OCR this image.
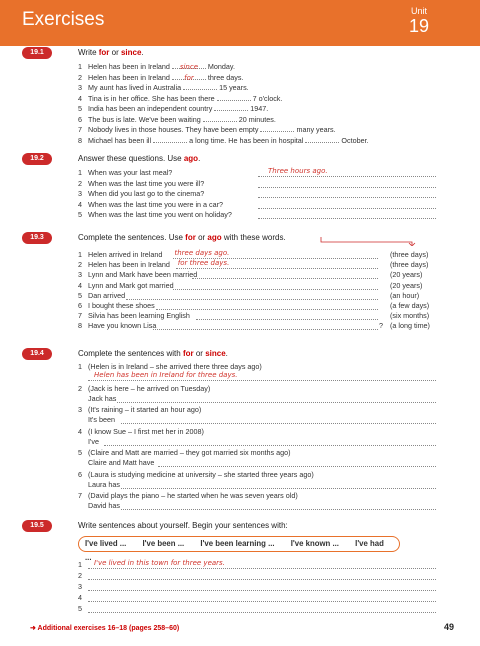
Exercises	Unit
19
19.1	Write for or since.
1 Helen has been in Ireland since Monday.
2 Helen has been in Ireland for three days.
3 My aunt has lived in Australia	15 years.
4 Tina is in her office. She has been there	7 o'clock.
5 India has been an independent country	1947.
6 The bus is late. We've been waiting	20 minutes.
7 Nobody lives in those houses. They have been empty	many years.
8 Michael has been ill	a long time. He has been in hospital	October.
19.2	Answer these questions. Use ago.
1 When was your last meal?	Three hours ago.
2 When was the last time you were ill?
3 When did you last go to the cinema?
4 When was the last time you were in a car?
5 When was the last time you went on holiday?
19.3	Complete the sentences. Use for or ago with these words.
1 Helen arrived in Ireland three days ago.	(three days)
2 Helen has been in Ireland for three days.	(three days)
3 Lynn and Mark have been married	(20 years)
4 Lynn and Mark got married	(20 years)
5 Dan arrived	(an hour)
6 I bought these shoes	(a few days)
7 Silvia has been learning English	(six months)
8 Have you known Lisa	? (a long time)
19.4	Complete the sentences with for or since.
1 (Helen is in Ireland – she arrived there three days ago)
Helen has been in Ireland for three days.
2 (Jack is here – he arrived on Tuesday)
Jack has
3 (It's raining – it started an hour ago)
It's been
4 (I know Sue – I first met her in 2008)
I've
5 (Claire and Matt are married – they got married six months ago)
Claire and Matt have
6 (Laura is studying medicine at university – she started three years ago)
Laura has
7 (David plays the piano – he started when he was seven years old)
David has
19.5	Write sentences about yourself. Begin your sentences with:
I've lived ... I've been ... I've been learning ... I've known ... I've had ...
1	I've lived in this town for three years.
2
3
4
5
➜ Additional exercises 16–18 (pages 258–60)	49
